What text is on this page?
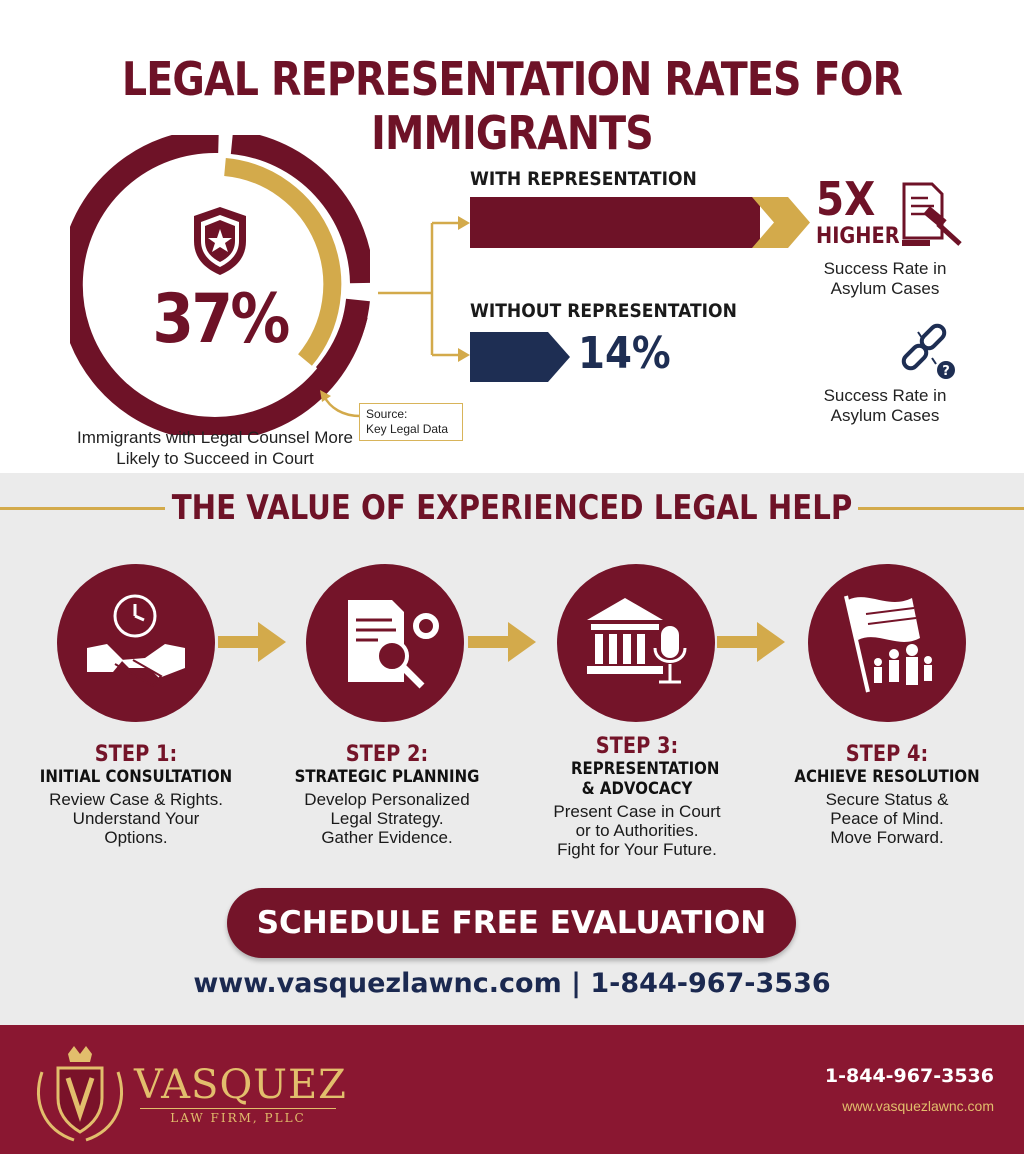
LEGAL REPRESENTATION RATES FOR IMMIGRANTS
37%
Immigrants with Legal Counsel More Likely to Succeed in Court
Source:
Key Legal Data
WITH REPRESENTATION
WITHOUT REPRESENTATION
14%
5X
HIGHER
Success Rate in Asylum Cases
?
Success Rate in Asylum Cases
THE VALUE OF EXPERIENCED LEGAL HELP
STEP 1:
INITIAL CONSULTATION
Review Case & Rights.
Understand Your
Options.
STEP 2:
STRATEGIC PLANNING
Develop Personalized
Legal Strategy.
Gather Evidence.
STEP 3:
REPRESENTATION & ADVOCACY
Present Case in Court
or to Authorities.
Fight for Your Future.
STEP 4:
ACHIEVE RESOLUTION
Secure Status &
Peace of Mind.
Move Forward.
SCHEDULE FREE EVALUATION
www.vasquezlawnc.com | 1-844-967-3536
VASQUEZ
LAW FIRM, PLLC
1-844-967-3536
www.vasquezlawnc.com
